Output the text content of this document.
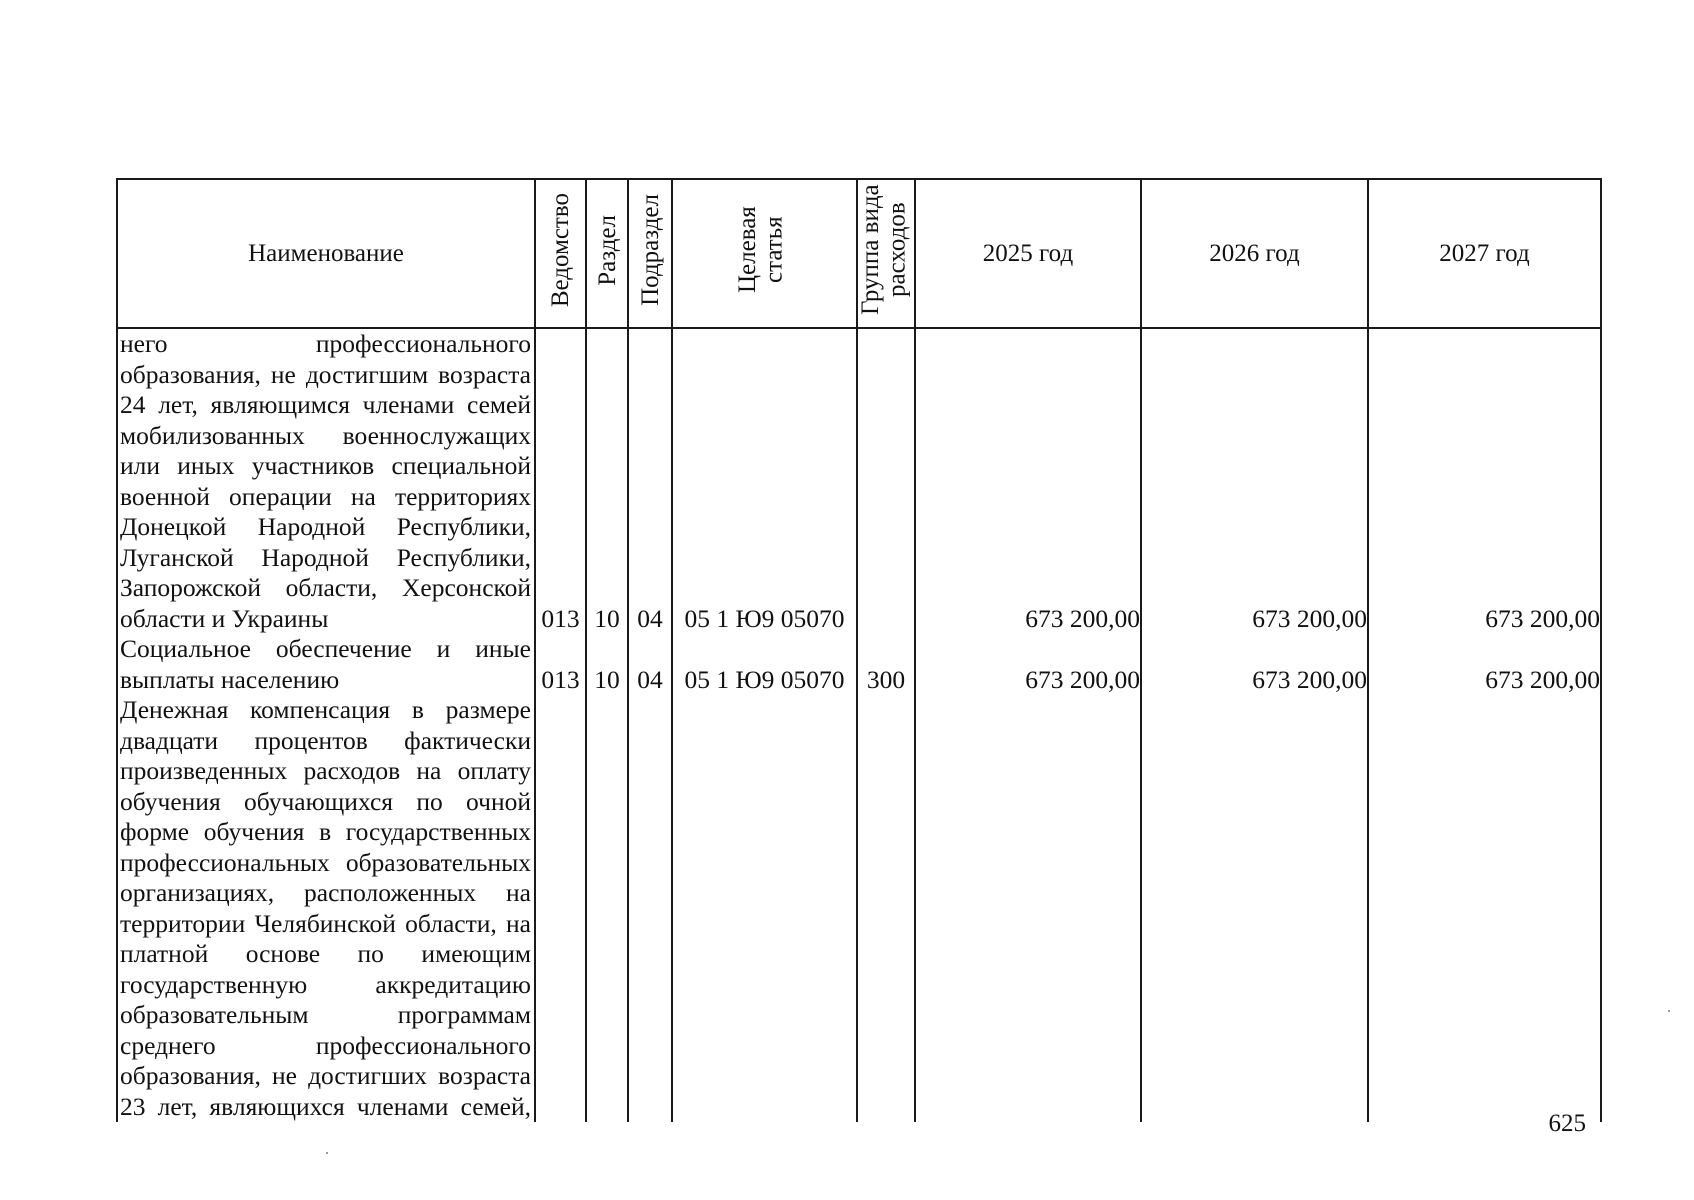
Наименование	Ведомство	Раздел	Подраздел	Целевая статья	Группа вида расходов	2025 год	2026 год	2027 год
него профессионального образования, не достигшим возраста 24 лет, являющимся членами семей мобилизованных военнослужащих или иных участников специальной военной операции на территориях Донецкой Народной Республики, Луганской Народной Республики, Запорожской области, Херсонской области и Украины	013	10	04	05 1 Ю9 05070		673 200,00	673 200,00	673 200,00
Социальное обеспечение и иные выплаты населению	013	10	04	05 1 Ю9 05070	300	673 200,00	673 200,00	673 200,00
Денежная компенсация в размере двадцати процентов фактически произведенных расходов на оплату обучения обучающихся по очной форме обучения в государственных профессиональных образовательных организациях, расположенных на территории Челябинской области, на платной основе по имеющим государственную аккредитацию образовательным программам среднего профессионального образования, не достигших возраста 23 лет, являющихся членами семей,								
625
